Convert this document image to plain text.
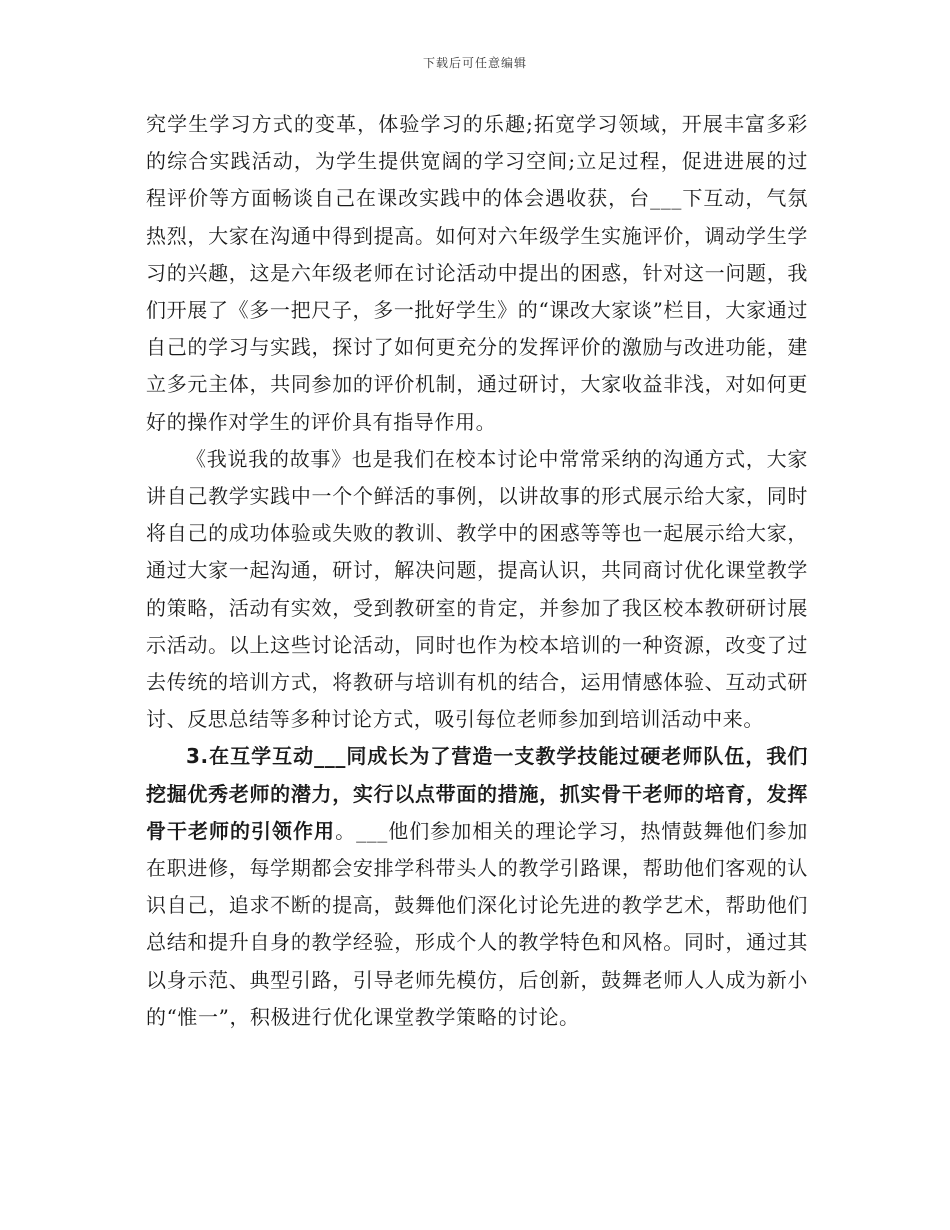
下载后可任意编辑

究学生学习方式的变革，体验学习的乐趣;拓宽学习领域，开展丰富多彩的综合实践活动，为学生提供宽阔的学习空间;立足过程，促进进展的过程评价等方面畅谈自己在课改实践中的体会遇收获，台___下互动，气氛热烈，大家在沟通中得到提高。如何对六年级学生实施评价，调动学生学习的兴趣，这是六年级老师在讨论活动中提出的困惑，针对这一问题，我们开展了《多一把尺子，多一批好学生》的“课改大家谈”栏目，大家通过自己的学习与实践，探讨了如何更充分的发挥评价的激励与改进功能，建立多元主体，共同参加的评价机制，通过研讨，大家收益非浅，对如何更好的操作对学生的评价具有指导作用。

《我说我的故事》也是我们在校本讨论中常常采纳的沟通方式，大家讲自己教学实践中一个个鲜活的事例，以讲故事的形式展示给大家，同时将自己的成功体验或失败的教训、教学中的困惑等等也一起展示给大家，通过大家一起沟通，研讨，解决问题，提高认识，共同商讨优化课堂教学的策略，活动有实效，受到教研室的肯定，并参加了我区校本教研研讨展示活动。以上这些讨论活动，同时也作为校本培训的一种资源，改变了过去传统的培训方式，将教研与培训有机的结合，运用情感体验、互动式研讨、反思总结等多种讨论方式，吸引每位老师参加到培训活动中来。

3.在互学互动___同成长为了营造一支教学技能过硬老师队伍，我们挖掘优秀老师的潜力，实行以点带面的措施，抓实骨干老师的培育，发挥骨干老师的引领作用。___他们参加相关的理论学习，热情鼓舞他们参加在职进修，每学期都会安排学科带头人的教学引路课，帮助他们客观的认识自己，追求不断的提高，鼓舞他们深化讨论先进的教学艺术，帮助他们总结和提升自身的教学经验，形成个人的教学特色和风格。同时，通过其以身示范、典型引路，引导老师先模仿，后创新，鼓舞老师人人成为新小的“惟一”，积极进行优化课堂教学策略的讨论。
